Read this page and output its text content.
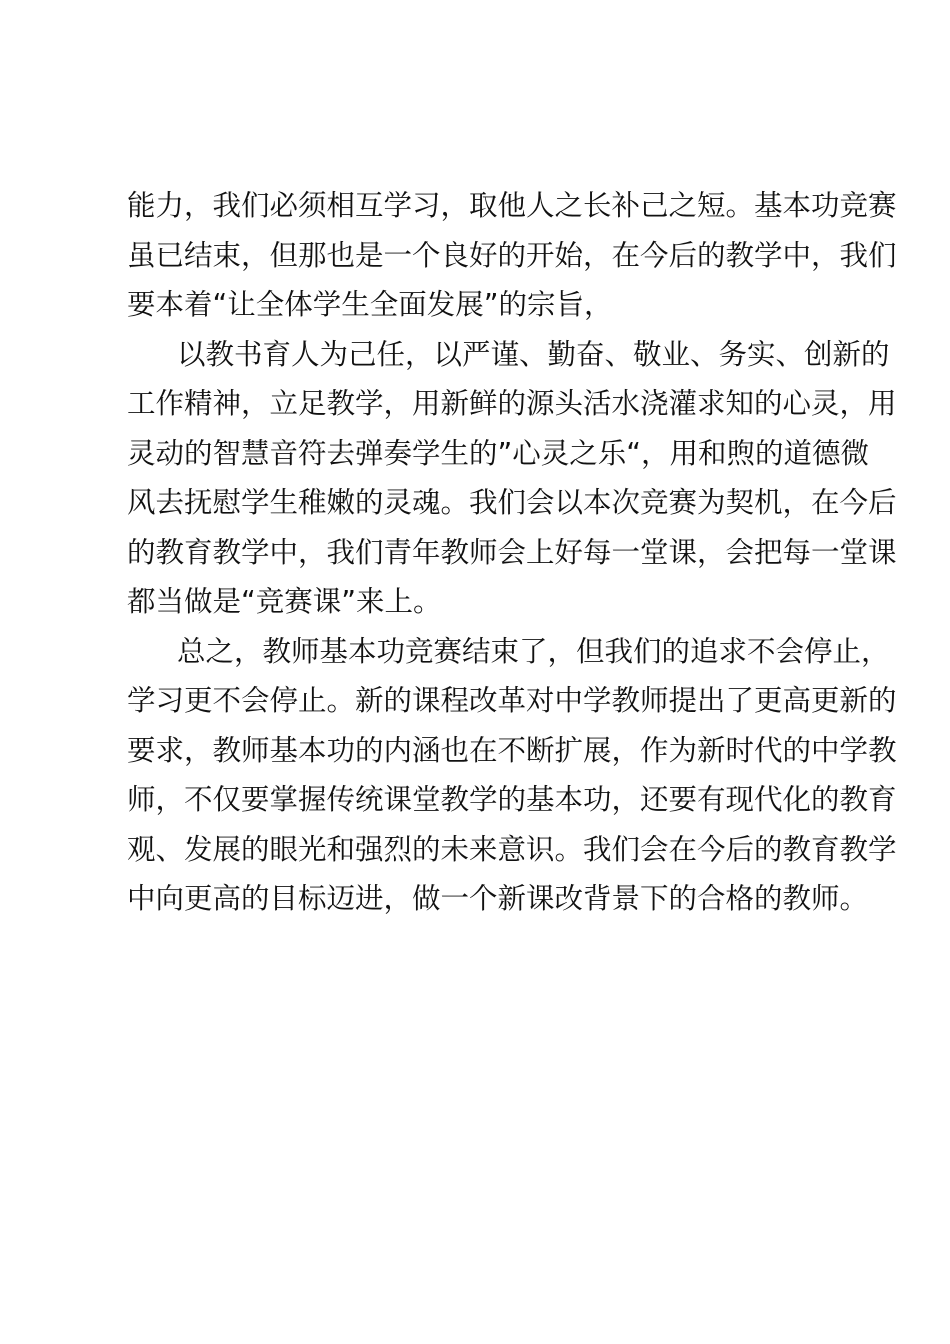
能力，我们必须相互学习，取他人之长补己之短。基本功竞赛
虽已结束，但那也是一个良好的开始，在今后的教学中，我们
要本着“让全体学生全面发展”的宗旨，
以教书育人为己任，以严谨、勤奋、敬业、务实、创新的
工作精神，立足教学，用新鲜的源头活水浇灌求知的心灵，用
灵动的智慧音符去弹奏学生的”心灵之乐“，用和煦的道德微
风去抚慰学生稚嫩的灵魂。我们会以本次竞赛为契机，在今后
的教育教学中，我们青年教师会上好每一堂课，会把每一堂课
都当做是“竞赛课”来上。
总之，教师基本功竞赛结束了，但我们的追求不会停止，
学习更不会停止。新的课程改革对中学教师提出了更高更新的
要求，教师基本功的内涵也在不断扩展，作为新时代的中学教
师，不仅要掌握传统课堂教学的基本功，还要有现代化的教育
观、发展的眼光和强烈的未来意识。我们会在今后的教育教学
中向更高的目标迈进，做一个新课改背景下的合格的教师。
